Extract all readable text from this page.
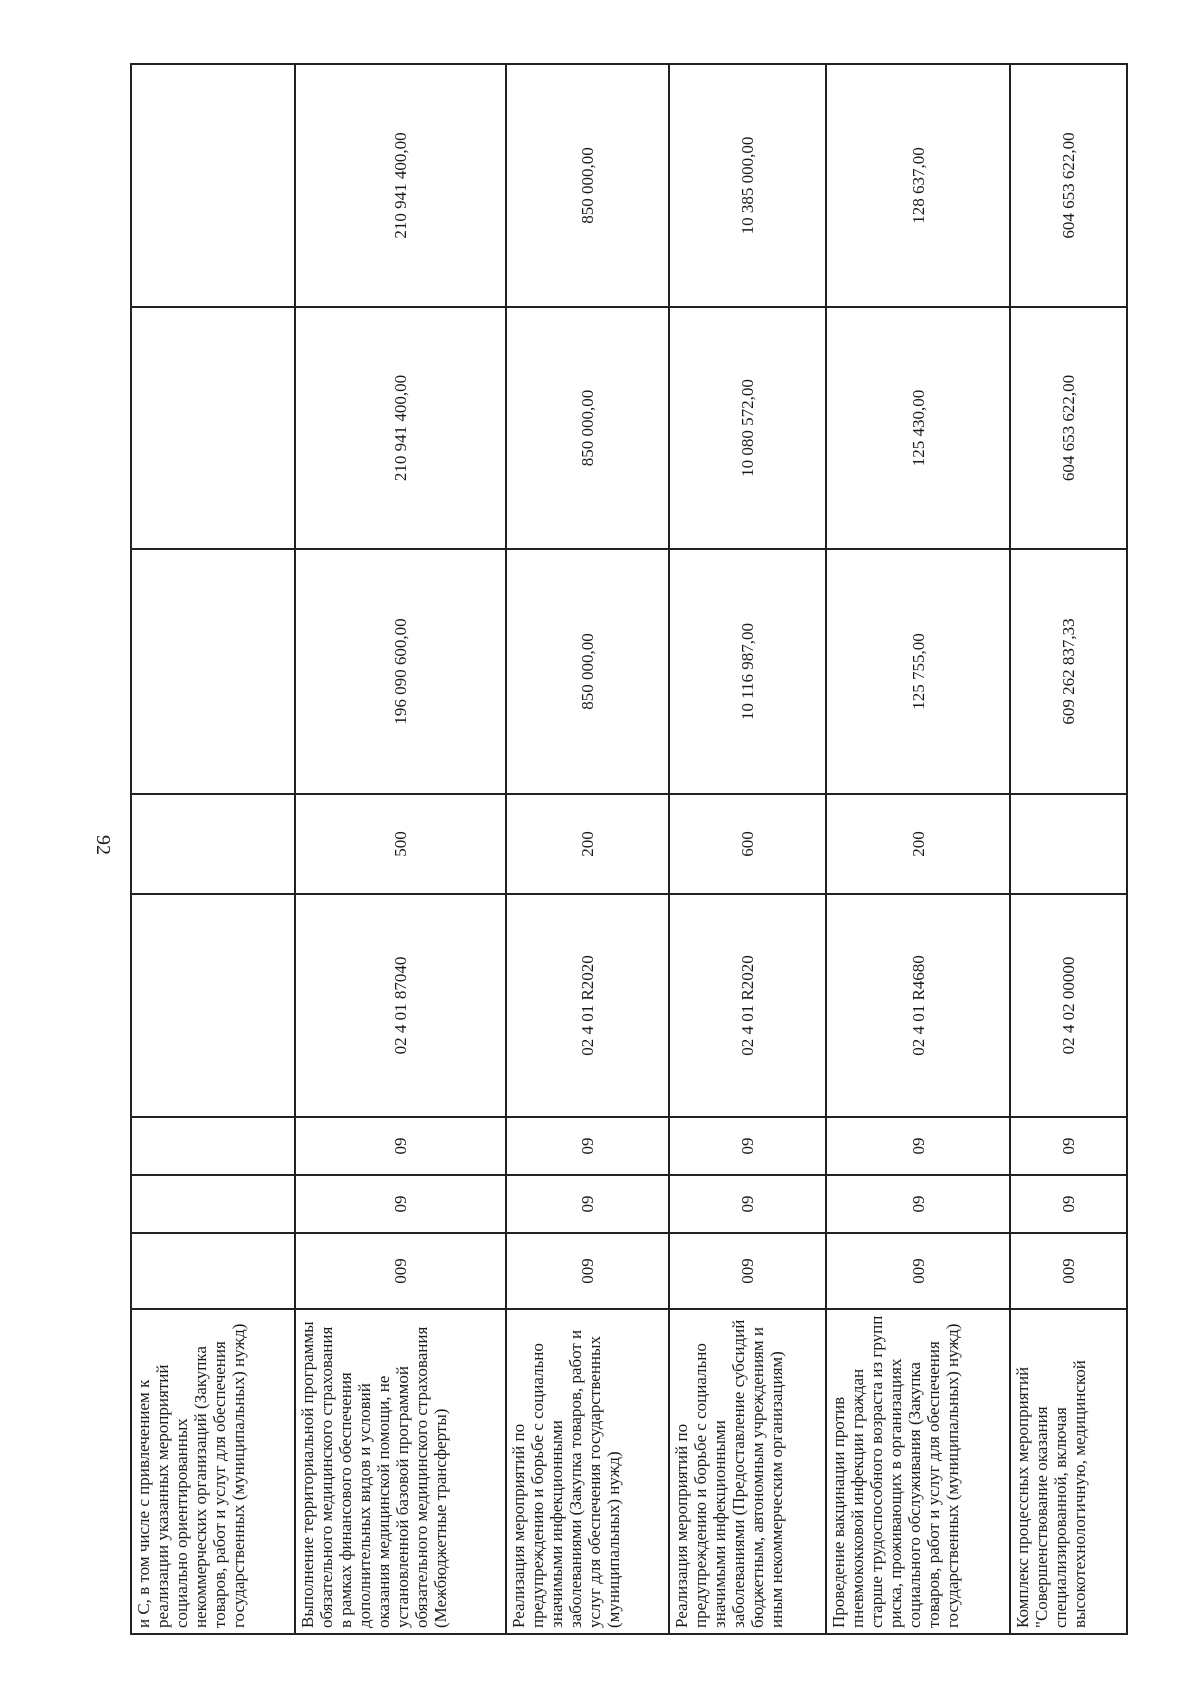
92
и С, в том числе с привлечением к реализации указанных мероприятий социально ориентированных некоммерческих организаций (Закупка товаров, работ и услуг для обеспечения государственных (муниципальных) нужд)								
Выполнение территориальной программы обязательного медицинского страхования в рамках финансового обеспечения дополнительных видов и условий оказания медицинской помощи, не установленной базовой программой обязательного медицинского страхования (Межбюджетные трансферты)	009	09	09	02 4 01 87040	500	196 090 600,00	210 941 400,00	210 941 400,00
Реализация мероприятий по предупреждению и борьбе с социально значимыми инфекционными заболеваниями (Закупка товаров, работ и услуг для обеспечения государственных (муниципальных) нужд)	009	09	09	02 4 01 R2020	200	850 000,00	850 000,00	850 000,00
Реализация мероприятий по предупреждению и борьбе с социально значимыми инфекционными заболеваниями (Предоставление субсидий бюджетным, автономным учреждениям и иным некоммерческим организациям)	009	09	09	02 4 01 R2020	600	10 116 987,00	10 080 572,00	10 385 000,00
Проведение вакцинации против пневмококковой инфекции граждан старше трудоспособного возраста из групп риска, проживающих в организациях социального обслуживания (Закупка товаров, работ и услуг для обеспечения государственных (муниципальных) нужд)	009	09	09	02 4 01 R4680	200	125 755,00	125 430,00	128 637,00
Комплекс процессных мероприятий "Совершенствование оказания специализированной, включая высокотехнологичную, медицинской	009	09	09	02 4 02 00000		609 262 837,33	604 653 622,00	604 653 622,00
